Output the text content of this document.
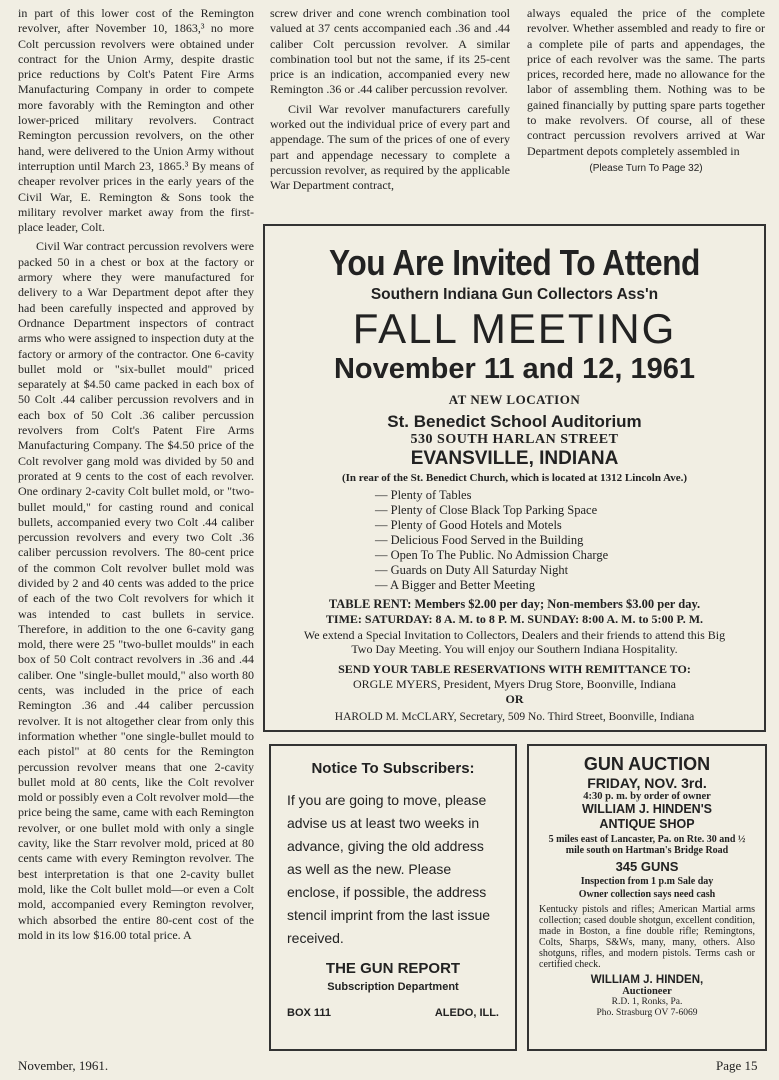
in part of this lower cost of the Remington revolver, after November 10, 1863,³ no more Colt percussion revolvers were obtained under contract for the Union Army, despite drastic price reductions by Colt's Patent Fire Arms Manufacturing Company in order to compete more favorably with the Remington and other lower-priced military revolvers. Contract Remington percussion revolvers, on the other hand, were delivered to the Union Army without interruption until March 23, 1865.³ By means of cheaper revolver prices in the early years of the Civil War, E. Remington & Sons took the military revolver market away from the first-place leader, Colt.

Civil War contract percussion revolvers were packed 50 in a chest or box at the factory or armory where they were manufactured for delivery to a War Department depot after they had been carefully inspected and approved by Ordnance Department inspectors of contract arms who were assigned to inspection duty at the factory or armory of the contractor. One 6-cavity bullet mold or "six-bullet mould" priced separately at $4.50 came packed in each box of 50 Colt .44 caliber percussion revolvers and in each box of 50 Colt .36 caliber percussion revolvers from Colt's Patent Fire Arms Manufacturing Company. The $4.50 price of the Colt revolver gang mold was divided by 50 and prorated at 9 cents to the cost of each revolver. One ordinary 2-cavity Colt bullet mold, or "two-bullet mould," for casting round and conical bullets, accompanied every two Colt .44 caliber percussion revolvers and every two Colt .36 caliber percussion revolvers. The 80-cent price of the common Colt revolver bullet mold was divided by 2 and 40 cents was added to the price of each of the two Colt revolvers for which it was intended to cast bullets in service. Therefore, in addition to the one 6-cavity gang mold, there were 25 "two-bullet moulds" in each box of 50 Colt contract revolvers in .36 and .44 caliber. One "single-bullet mould," also worth 80 cents, was included in the price of each Remington .36 and .44 caliber percussion revolver. It is not altogether clear from only this information whether "one single-bullet mould to each pistol" at 80 cents for the Remington percussion revolver means that one 2-cavity bullet mold at 80 cents, like the Colt revolver mold or possibly even a Colt revolver mold—the price being the same, came with each Remington revolver, or one bullet mold with only a single cavity, like the Starr revolver mold, priced at 80 cents came with every Remington revolver. The best interpretation is that one 2-cavity bullet mold, like the Colt bullet mold—or even a Colt mold, accompanied every Remington revolver, which absorbed the entire 80-cent cost of the mold in its low $16.00 total price. A

screw driver and cone wrench combination tool valued at 37 cents accompanied each .36 and .44 caliber Colt percussion revolver. A similar combination tool but not the same, if its 25-cent price is an indication, accompanied every new Remington .36 or .44 caliber percussion revolver.

Civil War revolver manufacturers carefully worked out the individual price of every part and appendage. The sum of the prices of one of every part and appendage necessary to complete a percussion revolver, as required by the applicable War Department contract,

always equaled the price of the complete revolver. Whether assembled and ready to fire or a complete pile of parts and appendages, the price of each revolver was the same. The parts prices, recorded here, made no allowance for the labor of assembling them. Nothing was to be gained financially by putting spare parts together to make revolvers. Of course, all of these contract percussion revolvers arrived at War Department depots completely assembled in

(Please Turn To Page 32)
You Are Invited To Attend
Southern Indiana Gun Collectors Ass'n
FALL MEETING
November 11 and 12, 1961
AT NEW LOCATION
St. Benedict School Auditorium
530 SOUTH HARLAN STREET
EVANSVILLE, INDIANA
(In rear of the St. Benedict Church, which is located at 1312 Lincoln Ave.)
— Plenty of Tables
— Plenty of Close Black Top Parking Space
— Plenty of Good Hotels and Motels
— Delicious Food Served in the Building
— Open To The Public. No Admission Charge
— Guards on Duty All Saturday Night
— A Bigger and Better Meeting
TABLE RENT: Members $2.00 per day; Non-members $3.00 per day.
TIME: SATURDAY: 8 A. M. to 8 P. M. SUNDAY: 8:00 A. M. to 5:00 P. M.
We extend a Special Invitation to Collectors, Dealers and their friends to attend this Big Two Day Meeting. You will enjoy our Southern Indiana Hospitality.
SEND YOUR TABLE RESERVATIONS WITH REMITTANCE TO:
ORGLE MYERS, President, Myers Drug Store, Boonville, Indiana
OR
HAROLD M. McCLARY, Secretary, 509 No. Third Street, Boonville, Indiana
Notice To Subscribers:
If you are going to move, please advise us at least two weeks in advance, giving the old address as well as the new. Please enclose, if possible, the address stencil imprint from the last issue received.
THE GUN REPORT
Subscription Department
BOX 111	ALEDO, ILL.
GUN AUCTION
FRIDAY, NOV. 3rd.
4:30 p. m. by order of owner
WILLIAM J. HINDEN'S
ANTIQUE SHOP
5 miles east of Lancaster, Pa. on Rte. 30 and ½ mile south on Hartman's Bridge Road
345 GUNS
Inspection from 1 p.m Sale day
Owner collection says need cash
Kentucky pistols and rifles; American Martial arms collection; cased double shotgun, excellent condition, made in Boston, a fine double rifle; Remingtons, Colts, Sharps, S&Ws, many, many, others. Also shotguns, rifles, and modern pistols. Terms cash or certified check.
WILLIAM J. HINDEN,
Auctioneer
R.D. 1, Ronks, Pa.
Pho. Strasburg OV 7-6069
November, 1961.	Page 15
